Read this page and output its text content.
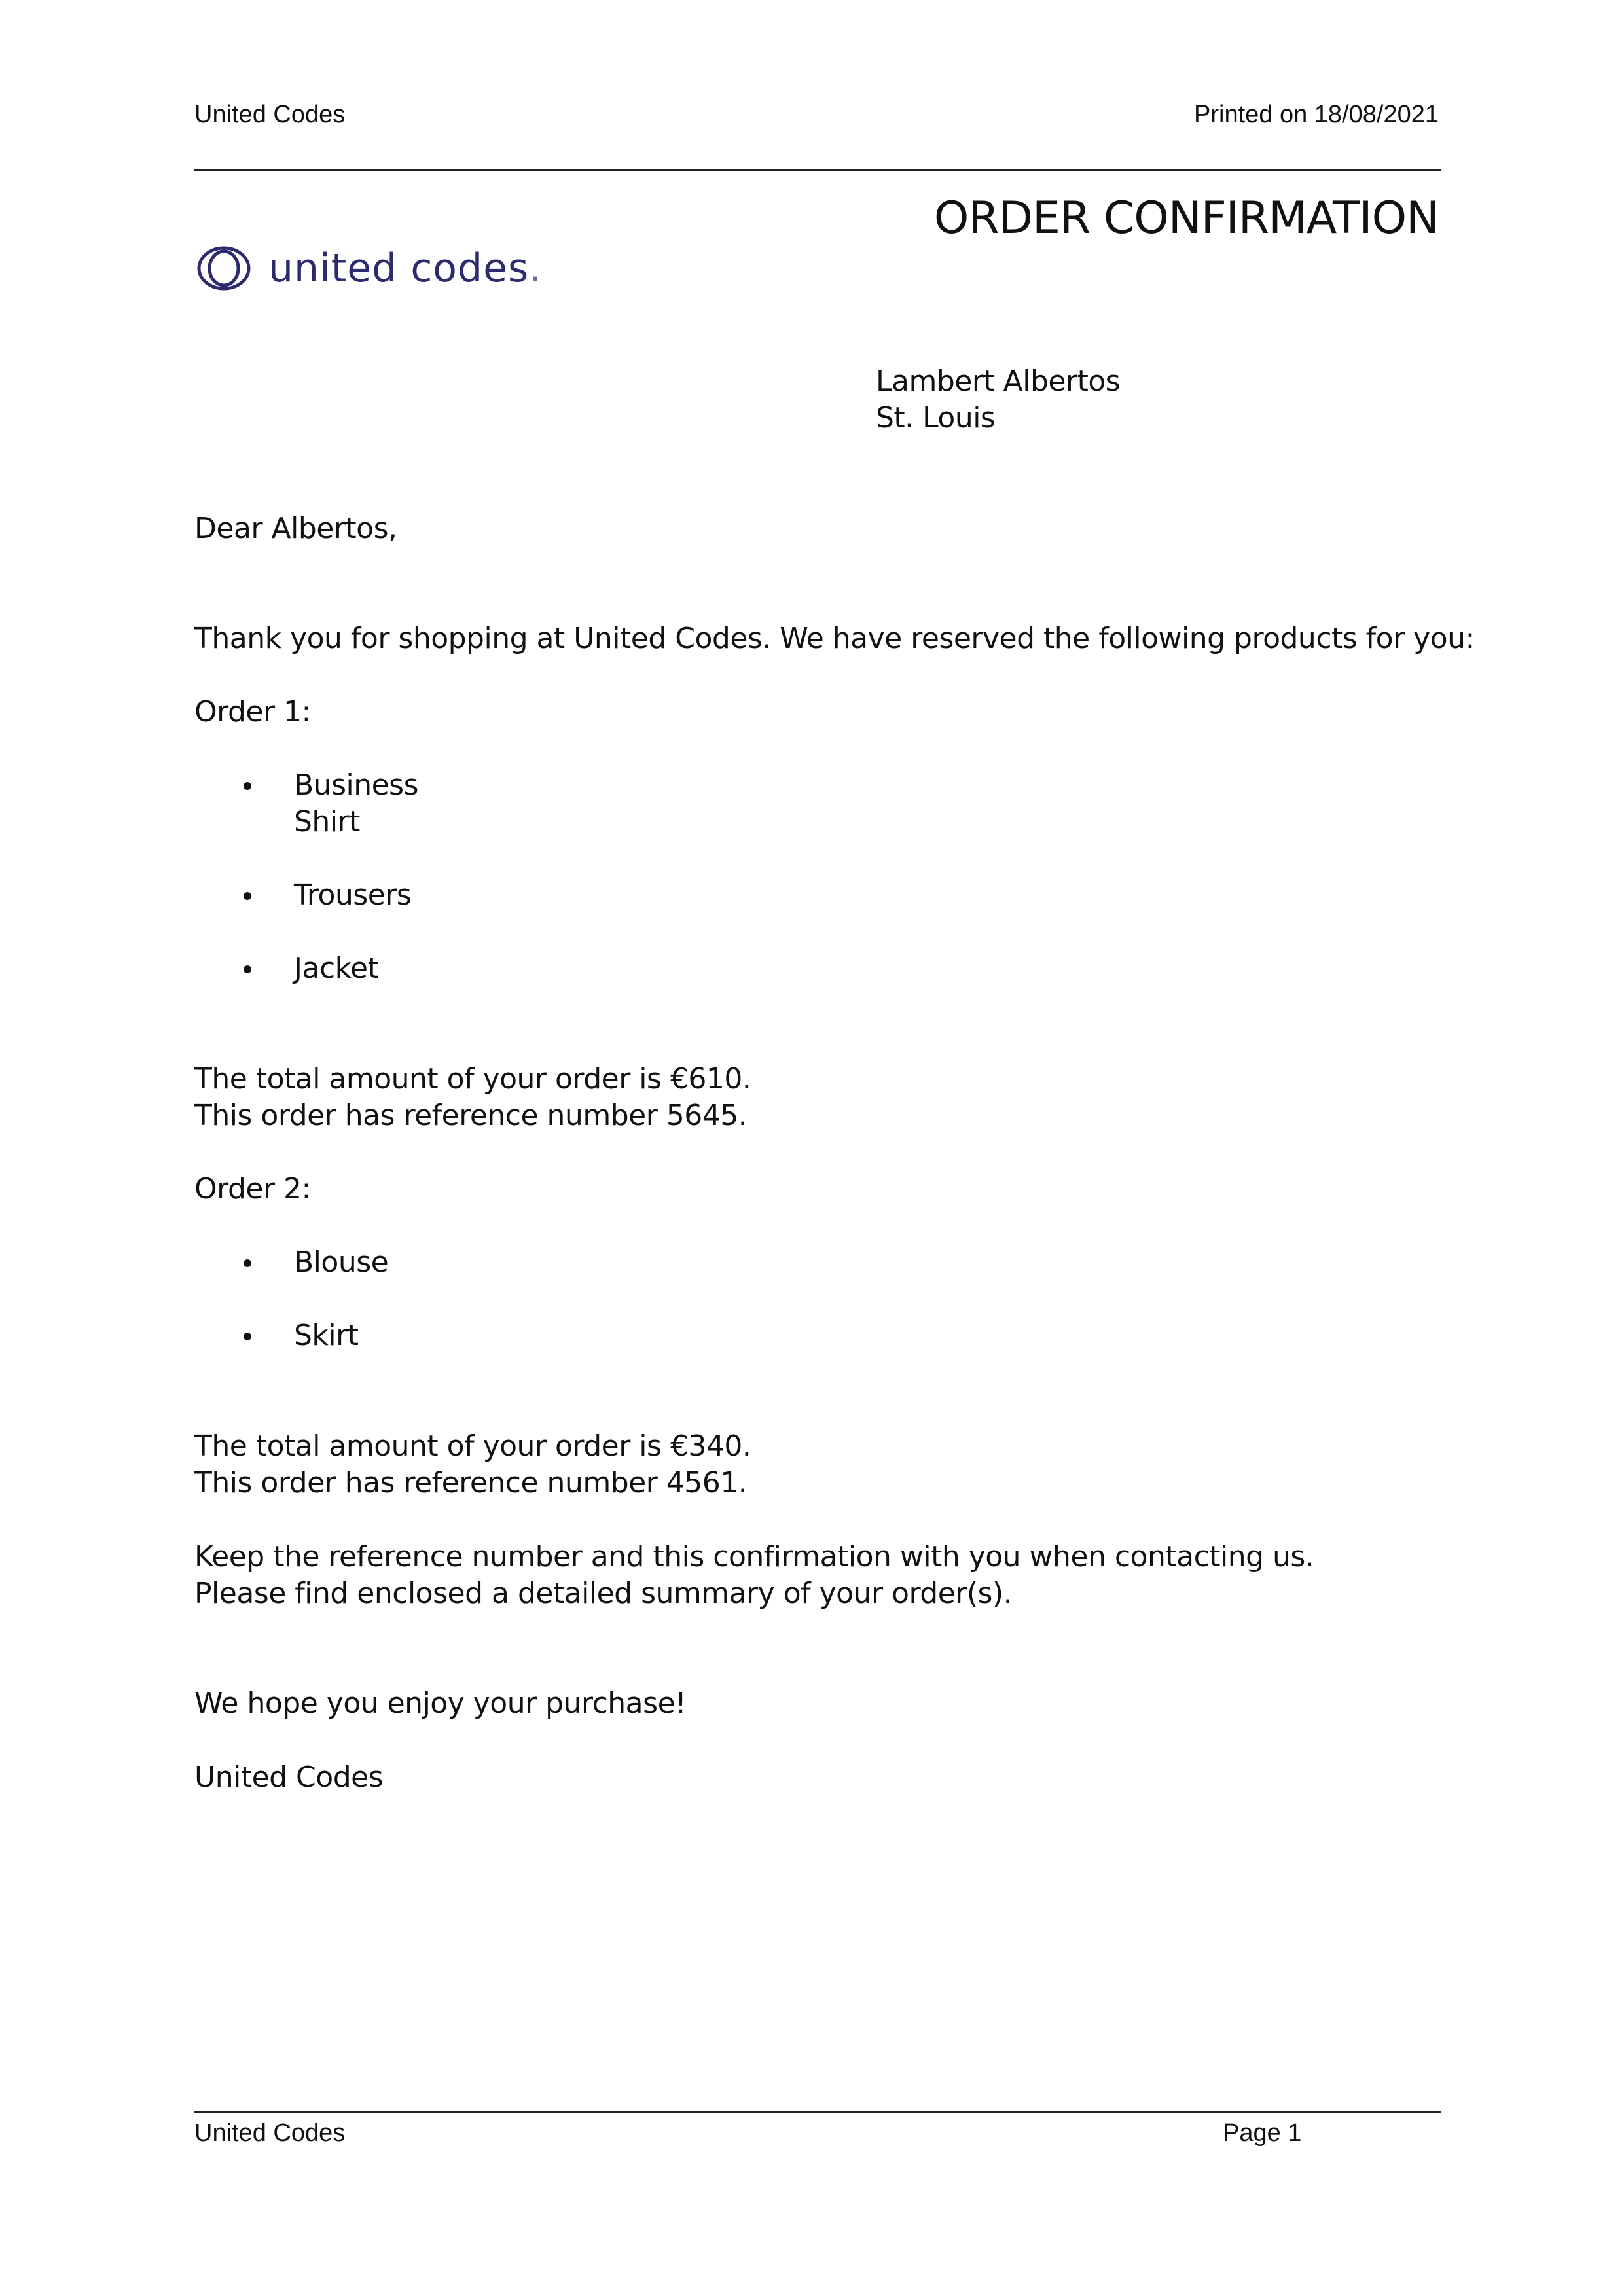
United Codes	Printed on 18/08/2021
united codes.
ORDER CONFIRMATION
Lambert Albertos
St. Louis
Dear Albertos,
Thank you for shopping at United Codes. We have reserved the following products for you:
Order 1:
Business
Shirt
Trousers
Jacket
The total amount of your order is €610.
This order has reference number 5645.
Order 2:
Blouse
Skirt
The total amount of your order is €340.
This order has reference number 4561.
Keep the reference number and this confirmation with you when contacting us.
Please find enclosed a detailed summary of your order(s).
We hope you enjoy your purchase!
United Codes
United Codes	Page 1
